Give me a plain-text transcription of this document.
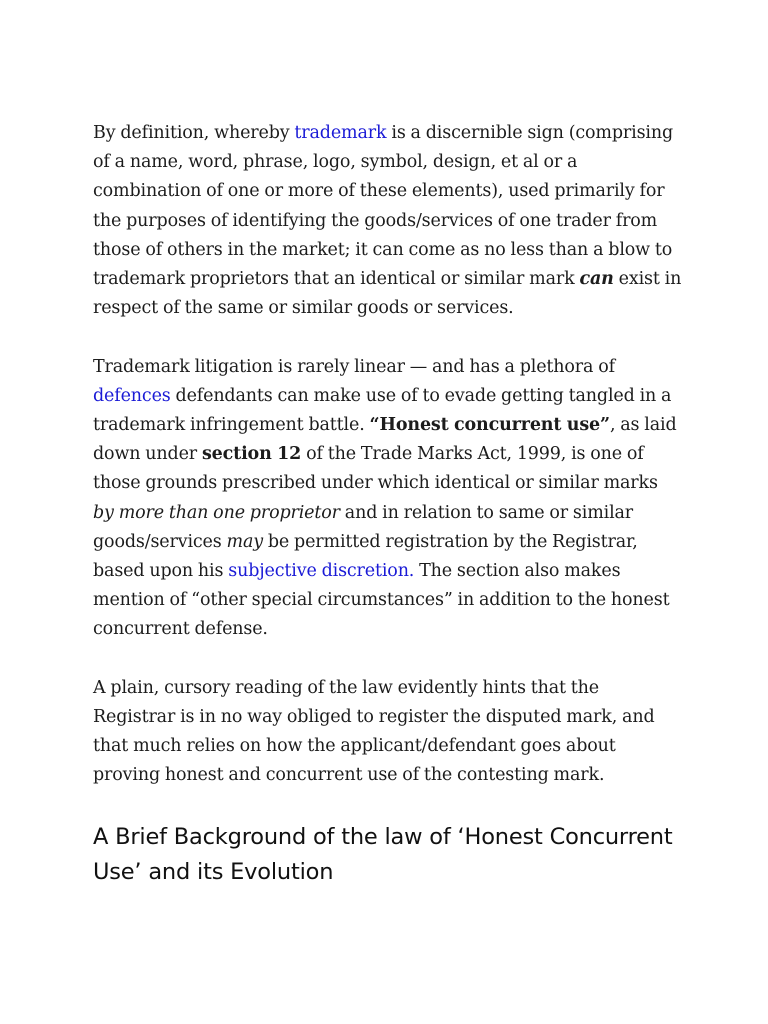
By definition, whereby trademark is a discernible sign (comprising of a name, word, phrase, logo, symbol, design, et al or a combination of one or more of these elements), used primarily for the purposes of identifying the goods/services of one trader from those of others in the market; it can come as no less than a blow to trademark proprietors that an identical or similar mark can exist in respect of the same or similar goods or services.

Trademark litigation is rarely linear — and has a plethora of defences defendants can make use of to evade getting tangled in a trademark infringement battle. “Honest concurrent use”, as laid down under section 12 of the Trade Marks Act, 1999, is one of those grounds prescribed under which identical or similar marks by more than one proprietor and in relation to same or similar goods/services may be permitted registration by the Registrar, based upon his subjective discretion. The section also makes mention of “other special circumstances” in addition to the honest concurrent defense.

A plain, cursory reading of the law evidently hints that the Registrar is in no way obliged to register the disputed mark, and that much relies on how the applicant/defendant goes about proving honest and concurrent use of the contesting mark.

A Brief Background of the law of ‘Honest Concurrent Use’ and its Evolution
